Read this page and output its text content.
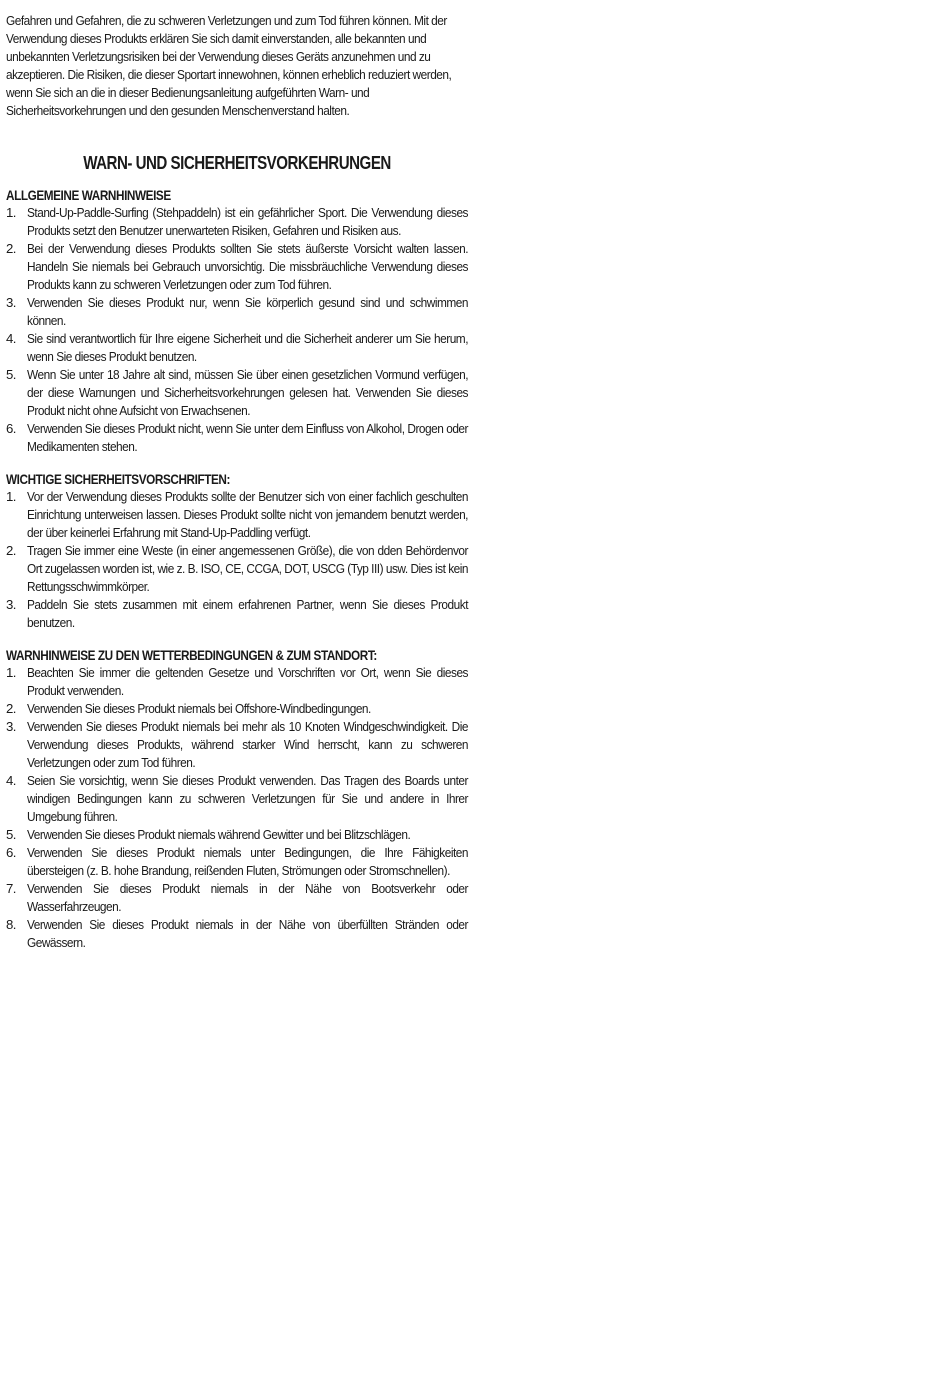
Gefahren und Gefahren, die zu schweren Verletzungen und zum Tod führen können. Mit der Verwendung dieses Produkts erklären Sie sich damit einverstanden, alle bekannten und unbekannten Verletzungsrisiken bei der Verwendung dieses Geräts anzunehmen und zu akzeptieren. Die Risiken, die dieser Sportart innewohnen, können erheblich reduziert werden, wenn Sie sich an die in dieser Bedienungsanleitung aufgeführten Warn- und Sicherheitsvorkehrungen und den gesunden Menschenverstand halten.

WARN- UND SICHERHEITSVORKEHRUNGEN
ALLGEMEINE WARNHINWEISE
1. Stand-Up-Paddle-Surfing (Stehpaddeln) ist ein gefährlicher Sport. Die Verwendung dieses Produkts setzt den Benutzer unerwarteten Risiken, Gefahren und Risiken aus.
2. Bei der Verwendung dieses Produkts sollten Sie stets äußerste Vorsicht walten lassen. Handeln Sie niemals bei Gebrauch unvorsichtig. Die missbräuchliche Verwendung dieses Produkts kann zu schweren Verletzungen oder zum Tod führen.
3. Verwenden Sie dieses Produkt nur, wenn Sie körperlich gesund sind und schwimmen können.
4. Sie sind verantwortlich für Ihre eigene Sicherheit und die Sicherheit anderer um Sie herum, wenn Sie dieses Produkt benutzen.
5. Wenn Sie unter 18 Jahre alt sind, müssen Sie über einen gesetzlichen Vormund verfügen, der diese Warnungen und Sicherheitsvorkehrungen gelesen hat. Verwenden Sie dieses Produkt nicht ohne Aufsicht von Erwachsenen.
6. Verwenden Sie dieses Produkt nicht, wenn Sie unter dem Einfluss von Alkohol, Drogen oder Medikamenten stehen.
WICHTIGE SICHERHEITSVORSCHRIFTEN:
1. Vor der Verwendung dieses Produkts sollte der Benutzer sich von einer fachlich geschulten Einrichtung unterweisen lassen. Dieses Produkt sollte nicht von jemandem benutzt werden, der über keinerlei Erfahrung mit Stand-Up-Paddling verfügt.
2. Tragen Sie immer eine Weste (in einer angemessenen Größe), die von dden Behördenvor Ort zugelassen worden ist, wie z. B. ISO, CE, CCGA, DOT, USCG (Typ III) usw. Dies ist kein Rettungsschwimmkörper.
3. Paddeln Sie stets zusammen mit einem erfahrenen Partner, wenn Sie dieses Produkt benutzen.
WARNHINWEISE ZU DEN WETTERBEDINGUNGEN & ZUM STANDORT:
1. Beachten Sie immer die geltenden Gesetze und Vorschriften vor Ort, wenn Sie dieses Produkt verwenden.
2. Verwenden Sie dieses Produkt niemals bei Offshore-Windbedingungen.
3. Verwenden Sie dieses Produkt niemals bei mehr als 10 Knoten Windgeschwindigkeit. Die Verwendung dieses Produkts, während starker Wind herrscht, kann zu schweren Verletzungen oder zum Tod führen.
4. Seien Sie vorsichtig, wenn Sie dieses Produkt verwenden. Das Tragen des Boards unter windigen Bedingungen kann zu schweren Verletzungen für Sie und andere in Ihrer Umgebung führen.
5. Verwenden Sie dieses Produkt niemals während Gewitter und bei Blitzschlägen.
6. Verwenden Sie dieses Produkt niemals unter Bedingungen, die Ihre Fähigkeiten übersteigen (z. B. hohe Brandung, reißenden Fluten, Strömungen oder Stromschnellen).
7. Verwenden Sie dieses Produkt niemals in der Nähe von Bootsverkehr oder Wasserfahrzeugen.
8. Verwenden Sie dieses Produkt niemals in der Nähe von überfüllten Stränden oder Gewässern.
